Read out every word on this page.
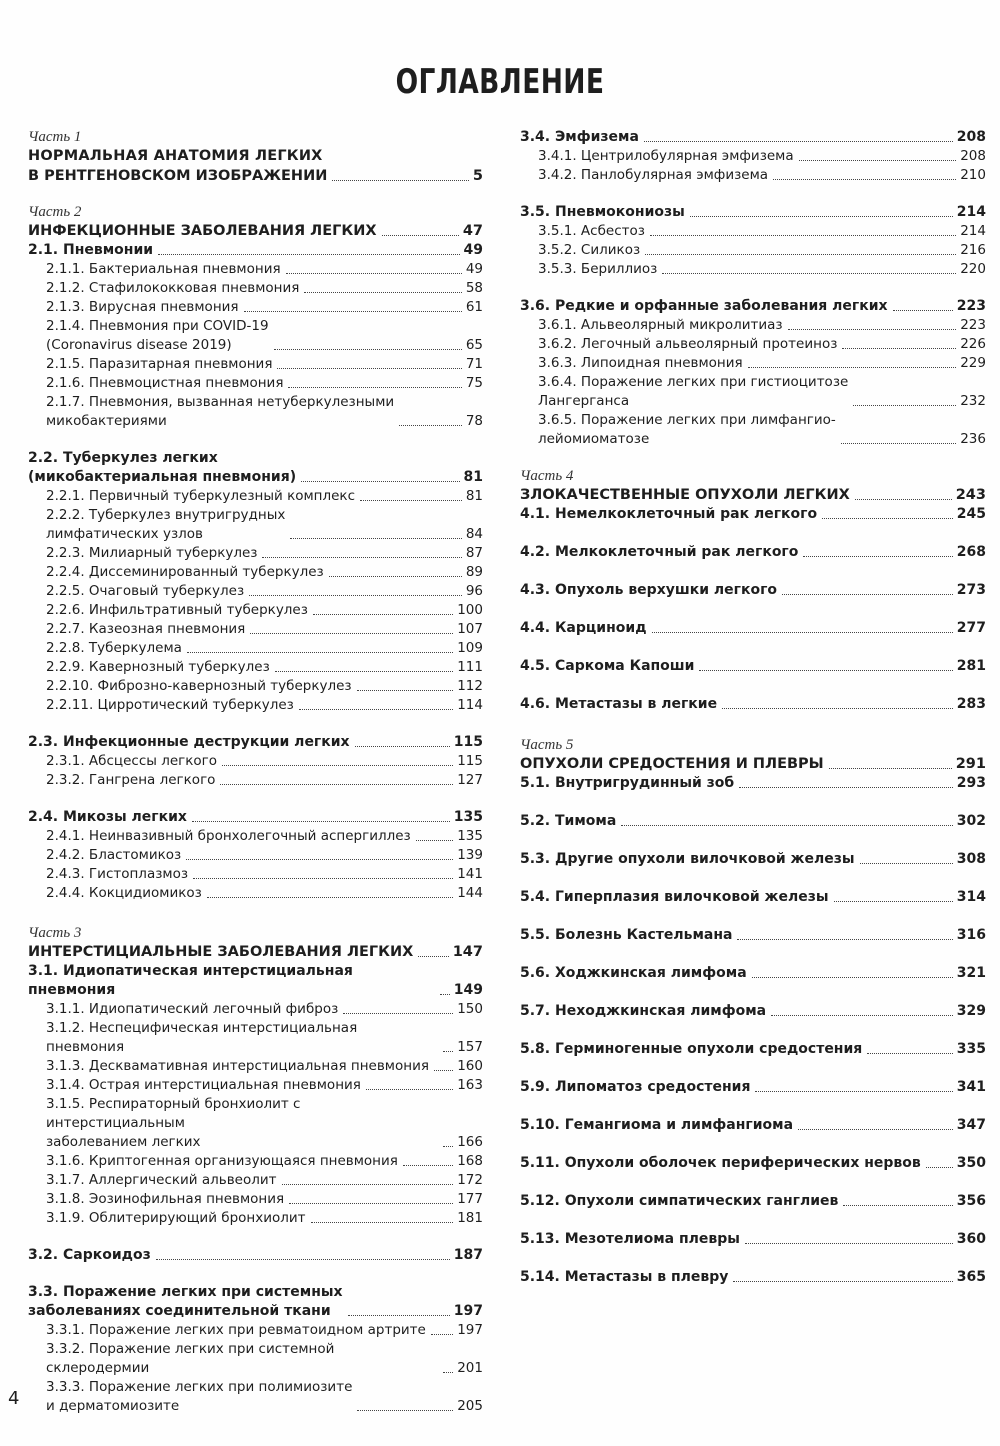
ОГЛАВЛЕНИЕ
Часть 1
НОРМАЛЬНАЯ АНАТОМИЯ ЛЕГКИХ
В РЕНТГЕНОВСКОМ ИЗОБРАЖЕНИИ	5
Часть 2
ИНФЕКЦИОННЫЕ ЗАБОЛЕВАНИЯ ЛЕГКИХ	47
2.1. Пневмонии	49
2.1.1. Бактериальная пневмония	49
2.1.2. Стафилококковая пневмония	58
2.1.3. Вирусная пневмония	61
2.1.4. Пневмония при COVID-19
(Coronavirus disease 2019)	65
2.1.5. Паразитарная пневмония	71
2.1.6. Пневмоцистная пневмония	75
2.1.7. Пневмония, вызванная нетуберкулезными
микобактериями	78
2.2. Туберкулез легких
(микобактериальная пневмония)	81
2.2.1. Первичный туберкулезный комплекс	81
2.2.2. Туберкулез внутригрудных
лимфатических узлов	84
2.2.3. Милиарный туберкулез	87
2.2.4. Диссеминированный туберкулез	89
2.2.5. Очаговый туберкулез	96
2.2.6. Инфильтративный туберкулез	100
2.2.7. Казеозная пневмония	107
2.2.8. Туберкулема	109
2.2.9. Кавернозный туберкулез	111
2.2.10. Фиброзно-кавернозный туберкулез	112
2.2.11. Цирротический туберкулез	114
2.3. Инфекционные деструкции легких	115
2.3.1. Абсцессы легкого	115
2.3.2. Гангрена легкого	127
2.4. Микозы легких	135
2.4.1. Неинвазивный бронхолегочный аспергиллез	135
2.4.2. Бластомикоз	139
2.4.3. Гистоплазмоз	141
2.4.4. Кокцидиомикоз	144
Часть 3
ИНТЕРСТИЦИАЛЬНЫЕ ЗАБОЛЕВАНИЯ ЛЕГКИХ	147
3.1. Идиопатическая интерстициальная пневмония	149
3.1.1. Идиопатический легочный фиброз	150
3.1.2. Неспецифическая интерстициальная пневмония	157
3.1.3. Десквамативная интерстициальная пневмония 160
3.1.4. Острая интерстициальная пневмония	163
3.1.5. Респираторный бронхиолит с интерстициальным
заболеванием легких	166
3.1.6. Криптогенная организующаяся пневмония	168
3.1.7. Аллергический альвеолит	172
3.1.8. Эозинофильная пневмония	177
3.1.9. Облитерирующий бронхиолит	181
3.2. Саркоидоз	187
3.3. Поражение легких при системных
заболеваниях соединительной ткани	197
3.3.1. Поражение легких при ревматоидном артрите 197
3.3.2. Поражение легких при системной склеродермии	201
3.3.3. Поражение легких при полимиозите
и дерматомиозите	205
3.4. Эмфизема	208
3.4.1. Центрилобулярная эмфизема	208
3.4.2. Панлобулярная эмфизема	210
3.5. Пневмокониозы	214
3.5.1. Асбестоз	214
3.5.2. Силикоз	216
3.5.3. Бериллиоз	220
3.6. Редкие и орфанные заболевания легких	223
3.6.1. Альвеолярный микролитиаз	223
3.6.2. Легочный альвеолярный протеиноз	226
3.6.3. Липоидная пневмония	229
3.6.4. Поражение легких при гистиоцитозе
Лангерганса	232
3.6.5. Поражение легких при лимфангио-
лейомиоматозе	236
Часть 4
ЗЛОКАЧЕСТВЕННЫЕ ОПУХОЛИ ЛЕГКИХ	243
4.1. Немелкоклеточный рак легкого	245
4.2. Мелкоклеточный рак легкого	268
4.3. Опухоль верхушки легкого	273
4.4. Карциноид	277
4.5. Саркома Капоши	281
4.6. Метастазы в легкие	283
Часть 5
ОПУХОЛИ СРЕДОСТЕНИЯ И ПЛЕВРЫ	291
5.1. Внутригрудинный зоб	293
5.2. Тимома	302
5.3. Другие опухоли вилочковой железы	308
5.4. Гиперплазия вилочковой железы	314
5.5. Болезнь Кастельмана	316
5.6. Ходжкинская лимфома	321
5.7. Неходжкинская лимфома	329
5.8. Герминогенные опухоли средостения	335
5.9. Липоматоз средостения	341
5.10. Гемангиома и лимфангиома	347
5.11. Опухоли оболочек периферических нервов	350
5.12. Опухоли симпатических ганглиев	356
5.13. Мезотелиома плевры	360
5.14. Метастазы в плевру	365
4
